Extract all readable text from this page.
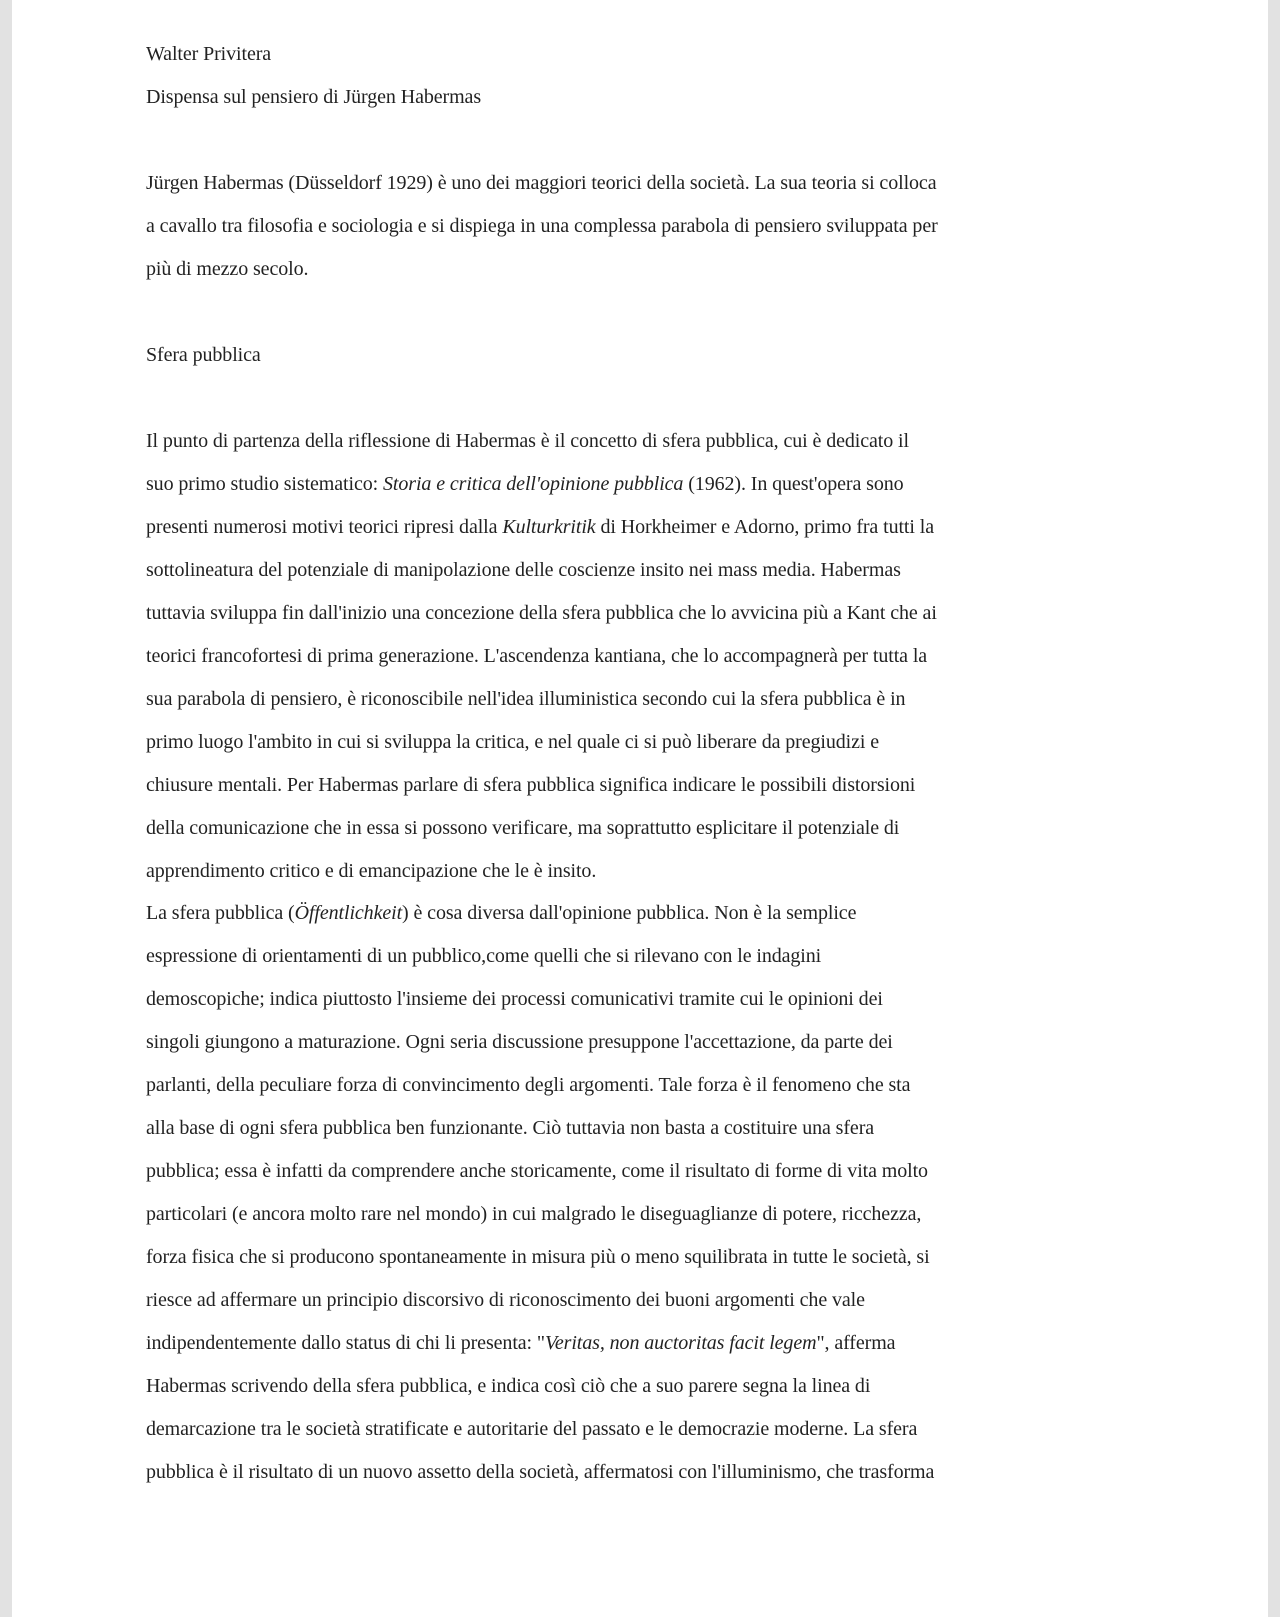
Walter Privitera
Dispensa sul pensiero di Jürgen Habermas
Jürgen Habermas (Düsseldorf 1929) è uno dei maggiori teorici della società. La sua teoria si colloca
a cavallo tra filosofia e sociologia e si dispiega in una complessa parabola di pensiero sviluppata per
più di mezzo secolo.
Sfera pubblica
Il punto di partenza della riflessione di Habermas è il concetto di sfera pubblica, cui è dedicato il
suo primo studio sistematico: Storia e critica dell'opinione pubblica (1962). In quest'opera sono
presenti numerosi motivi teorici ripresi dalla Kulturkritik di Horkheimer e Adorno, primo fra tutti la
sottolineatura del potenziale di manipolazione delle coscienze insito nei mass media. Habermas
tuttavia sviluppa fin dall'inizio una concezione della sfera pubblica che lo avvicina più a Kant che ai
teorici francofortesi di prima generazione. L'ascendenza kantiana, che lo accompagnerà per tutta la
sua parabola di pensiero, è riconoscibile nell'idea illuministica secondo cui la sfera pubblica è in
primo luogo l'ambito in cui si sviluppa la critica, e nel quale ci si può liberare da pregiudizi e
chiusure mentali. Per Habermas parlare di sfera pubblica significa indicare le possibili distorsioni
della comunicazione che in essa si possono verificare, ma soprattutto esplicitare il potenziale di
apprendimento critico e di emancipazione che le è insito.
La sfera pubblica (Öffentlichkeit) è cosa diversa dall'opinione pubblica. Non è la semplice
espressione di orientamenti di un pubblico,come quelli che si rilevano con le indagini
demoscopiche; indica piuttosto l'insieme dei processi comunicativi tramite cui le opinioni dei
singoli giungono a maturazione. Ogni seria discussione presuppone l'accettazione, da parte dei
parlanti, della peculiare forza di convincimento degli argomenti. Tale forza è il fenomeno che sta
alla base di ogni sfera pubblica ben funzionante. Ciò tuttavia non basta a costituire una sfera
pubblica; essa è infatti da comprendere anche storicamente, come il risultato di forme di vita molto
particolari (e ancora molto rare nel mondo) in cui malgrado le diseguaglianze di potere, ricchezza,
forza fisica che si producono spontaneamente in misura più o meno squilibrata in tutte le società, si
riesce ad affermare un principio discorsivo di riconoscimento dei buoni argomenti che vale
indipendentemente dallo status di chi li presenta: "Veritas, non auctoritas facit legem", afferma
Habermas scrivendo della sfera pubblica, e indica così ciò che a suo parere segna la linea di
demarcazione tra le società stratificate e autoritarie del passato e le democrazie moderne. La sfera
pubblica è il risultato di un nuovo assetto della società, affermatosi con l'illuminismo, che trasforma
